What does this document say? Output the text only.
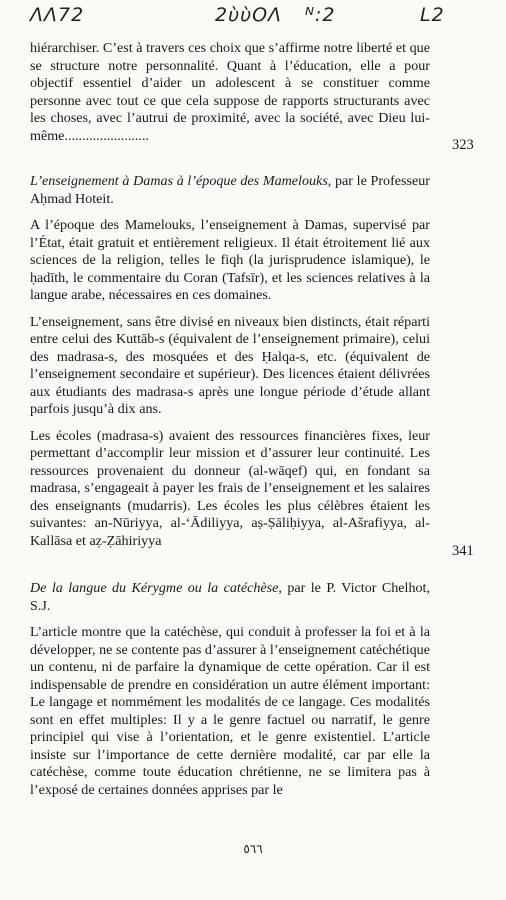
ΛΛ72	2ὺὺΟΛ ᴺ:2	L2

hiérarchiser. C’est à travers ces choix que s’affirme notre liberté et que se structure notre personnalité. Quant à l’éducation, elle a pour objectif essentiel d’aider un adolescent à se constituer comme personne avec tout ce que cela suppose de rapports structurants avec les choses, avec l’autrui de proximité, avec la société, avec Dieu lui-même........................

323

L’enseignement à Damas à l’époque des Mamelouks, par le Professeur Aḥmad Hoteit.

A l’époque des Mamelouks, l’enseignement à Damas, supervisé par l’État, était gratuit et entièrement religieux. Il était étroitement lié aux sciences de la religion, telles le fiqh (la jurisprudence islamique), le ḥadīth, le commentaire du Coran (Tafsīr), et les sciences relatives à la langue arabe, nécessaires en ces domaines.

L’enseignement, sans être divisé en niveaux bien distincts, était réparti entre celui des Kuttāb-s (équivalent de l’enseignement primaire), celui des madrasa-s, des mosquées et des Ḥalqa-s, etc. (équivalent de l’enseignement secondaire et supérieur). Des licences étaient délivrées aux étudiants des madrasa-s après une longue période d’étude allant parfois jusqu’à dix ans.

Les écoles (madrasa-s) avaient des ressources financières fixes, leur permettant d’accomplir leur mission et d’assurer leur continuité. Les ressources provenaient du donneur (al-wāqef) qui, en fondant sa madrasa, s’engageait à payer les frais de l’enseignement et les salaires des enseignants (mudarris). Les écoles les plus célèbres étaient les suivantes: an-Nūriyya, al-‘Ādiliyya, aṣ-Ṣāliḥiyya, al-Ašrafiyya, al-Kallāsa et aẓ-Ẓāhiriyya

341

De la langue du Kérygme ou la catéchèse, par le P. Victor Chelhot, S.J.

L’article montre que la catéchèse, qui conduit à professer la foi et à la développer, ne se contente pas d’assurer à l’enseignement catéchétique un contenu, ni de parfaire la dynamique de cette opération. Car il est indispensable de prendre en considération un autre élément important: Le langage et nommément les modalités de ce langage. Ces modalités sont en effet multiples: Il y a le genre factuel ou narratif, le genre principiel qui vise à l’orientation, et le genre existentiel. L’article insiste sur l’importance de cette dernière modalité, car par elle la catéchèse, comme toute éducation chrétienne, ne se limitera pas à l’exposé de certaines données apprises par le

٥٦٦
